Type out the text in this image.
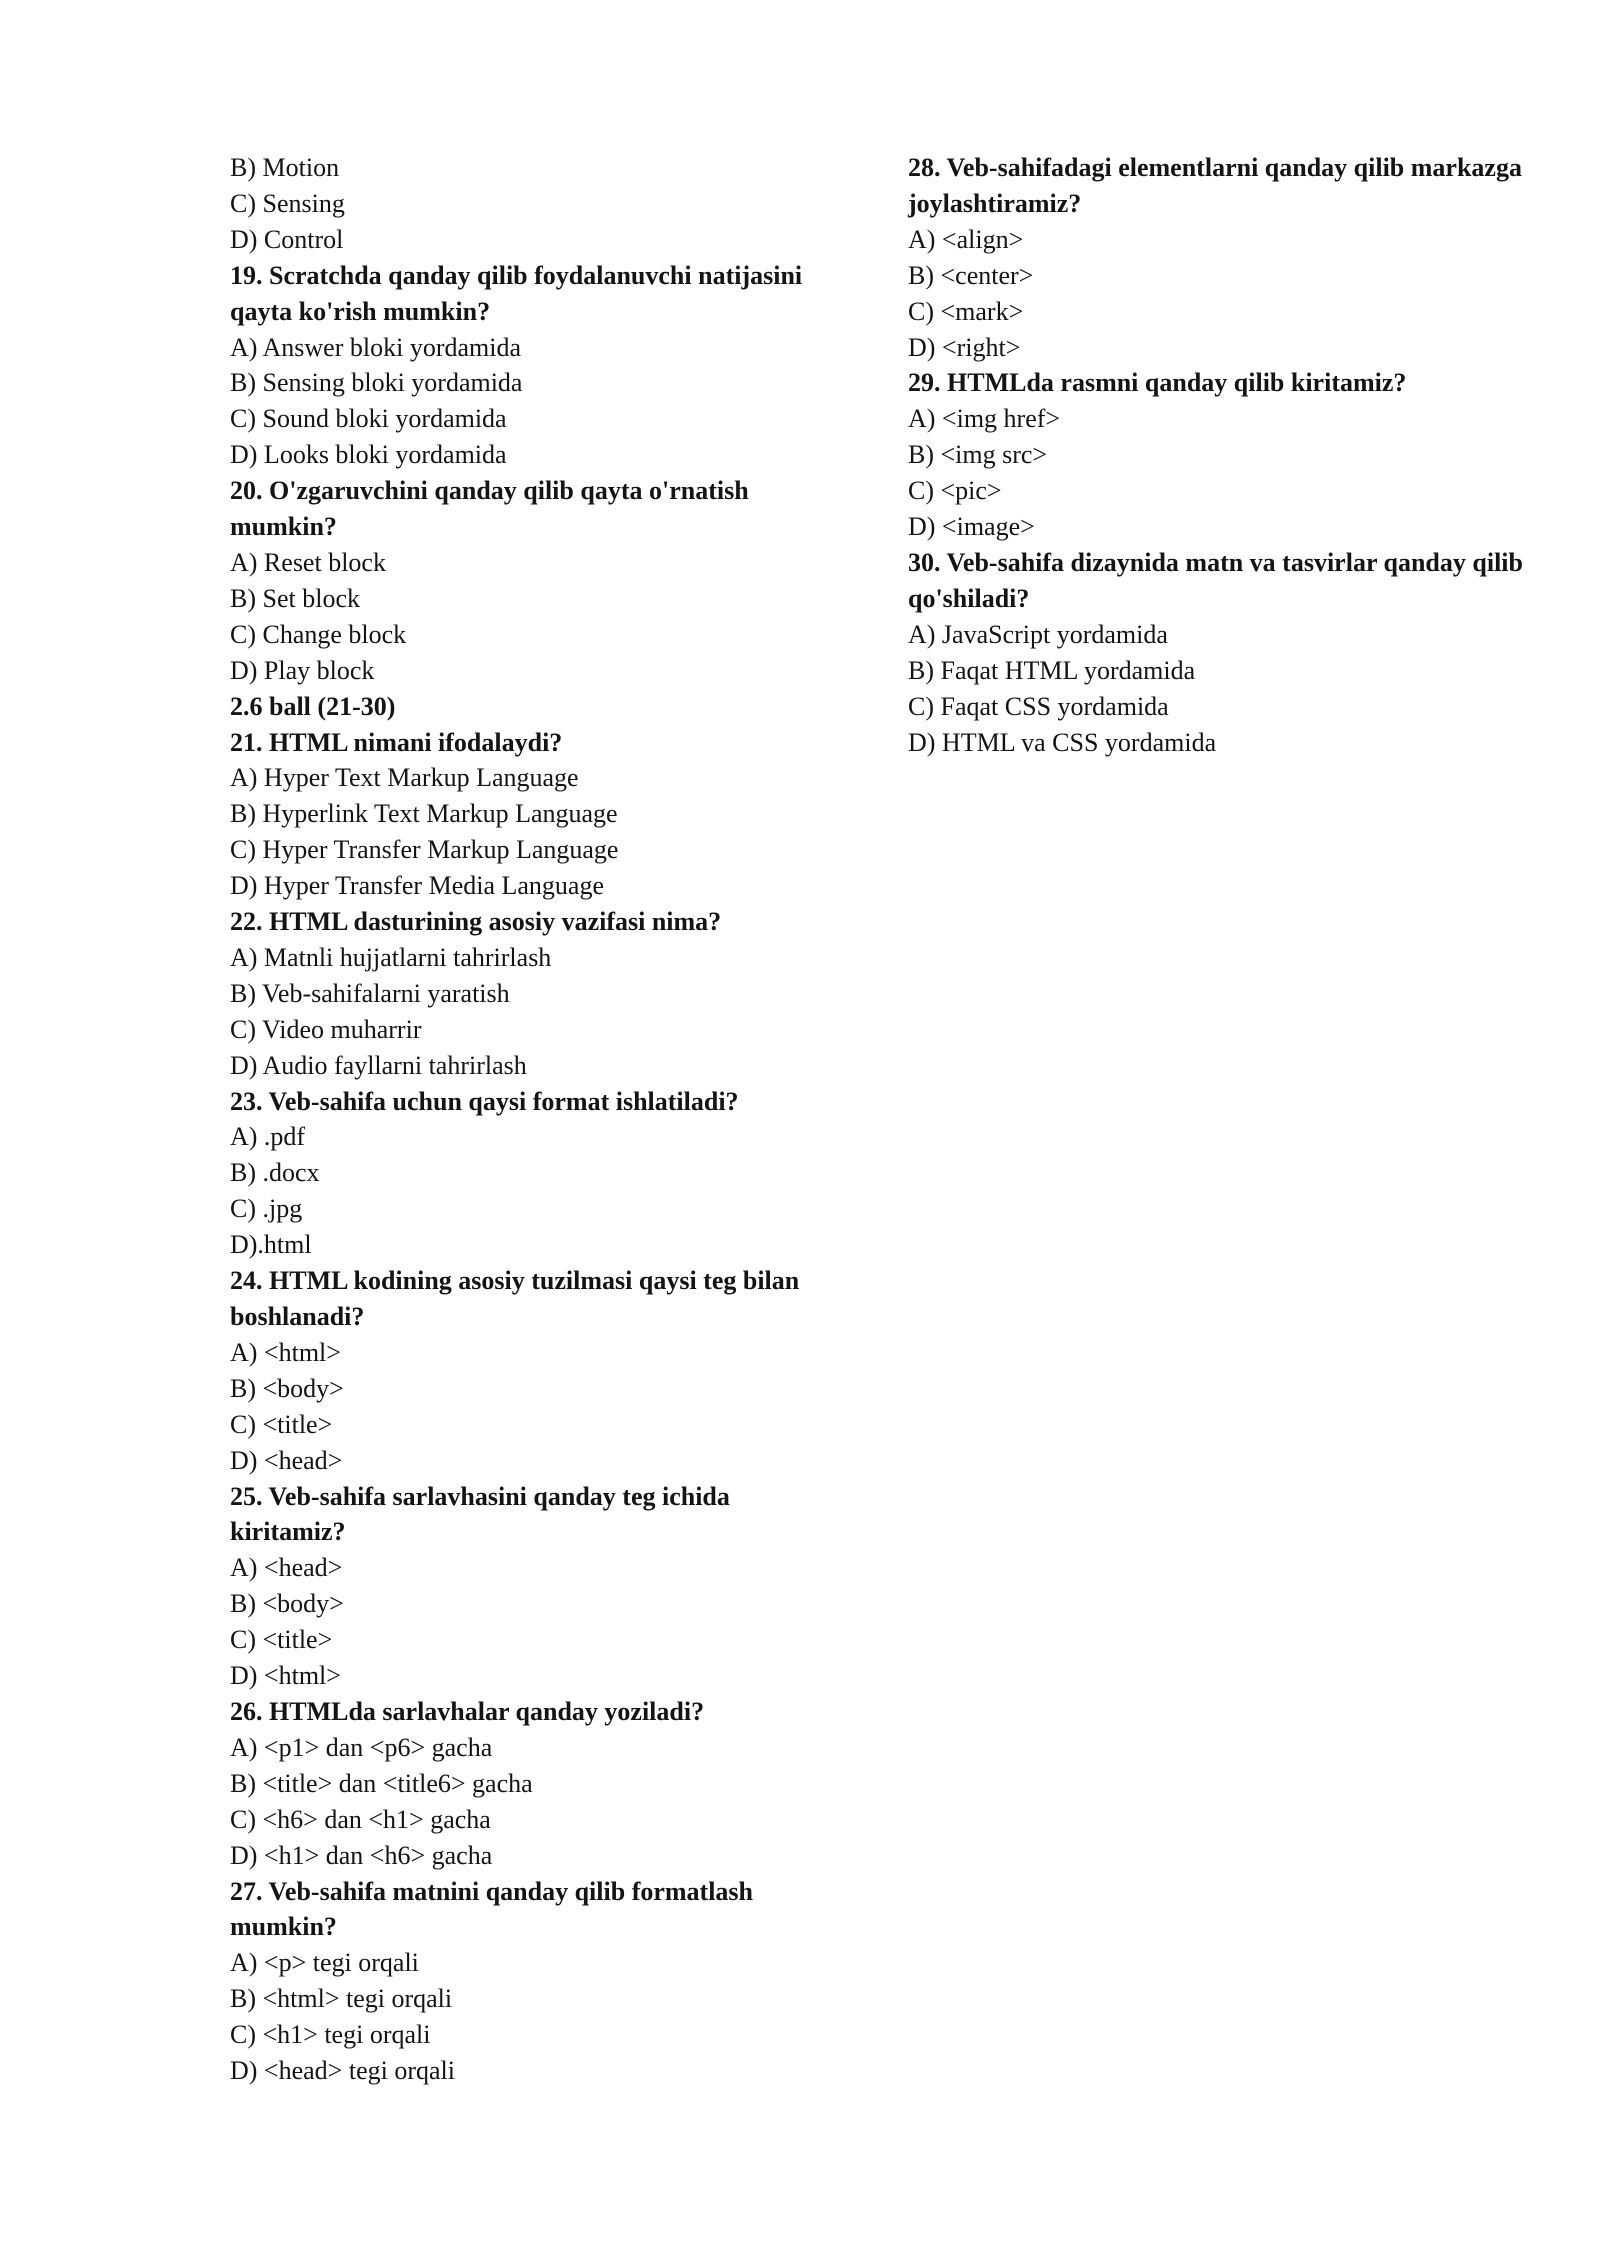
B) Motion
C) Sensing
D) Control
19. Scratchda qanday qilib foydalanuvchi natijasini qayta ko'rish mumkin?
A) Answer bloki yordamida
B) Sensing bloki yordamida
C) Sound bloki yordamida
D) Looks bloki yordamida
20. O'zgaruvchini qanday qilib qayta o'rnatish mumkin?
A) Reset block
B) Set block
C) Change block
D) Play block
2.6 ball (21-30)
21. HTML nimani ifodalaydi?
A) Hyper Text Markup Language
B) Hyperlink Text Markup Language
C) Hyper Transfer Markup Language
D) Hyper Transfer Media Language
22. HTML dasturining asosiy vazifasi nima?
A) Matnli hujjatlarni tahrirlash
B) Veb-sahifalarni yaratish
C) Video muharrir
D) Audio fayllarni tahrirlash
23. Veb-sahifa uchun qaysi format ishlatiladi?
A) .pdf
B) .docx
C) .jpg
D).html
24. HTML kodining asosiy tuzilmasi qaysi teg bilan boshlanadi?
A) <html>
B) <body>
C) <title>
D) <head>
25. Veb-sahifa sarlavhasini qanday teg ichida kiritamiz?
A) <head>
B) <body>
C) <title>
D) <html>
26. HTMLda sarlavhalar qanday yoziladi?
A) <p1> dan <p6> gacha
B) <title> dan <title6> gacha
C) <h6> dan <h1> gacha
D) <h1> dan <h6> gacha
27. Veb-sahifa matnini qanday qilib formatlash mumkin?
A) <p> tegi orqali
B) <html> tegi orqali
C) <h1> tegi orqali
D) <head> tegi orqali
28. Veb-sahifadagi elementlarni qanday qilib markazga joylashtiramiz?
A) <align>
B) <center>
C) <mark>
D) <right>
29. HTMLda rasmni qanday qilib kiritamiz?
A) <img href>
B) <img src>
C) <pic>
D) <image>
30. Veb-sahifa dizaynida matn va tasvirlar qanday qilib qo'shiladi?
A) JavaScript yordamida
B) Faqat HTML yordamida
C) Faqat CSS yordamida
D) HTML va CSS yordamida
